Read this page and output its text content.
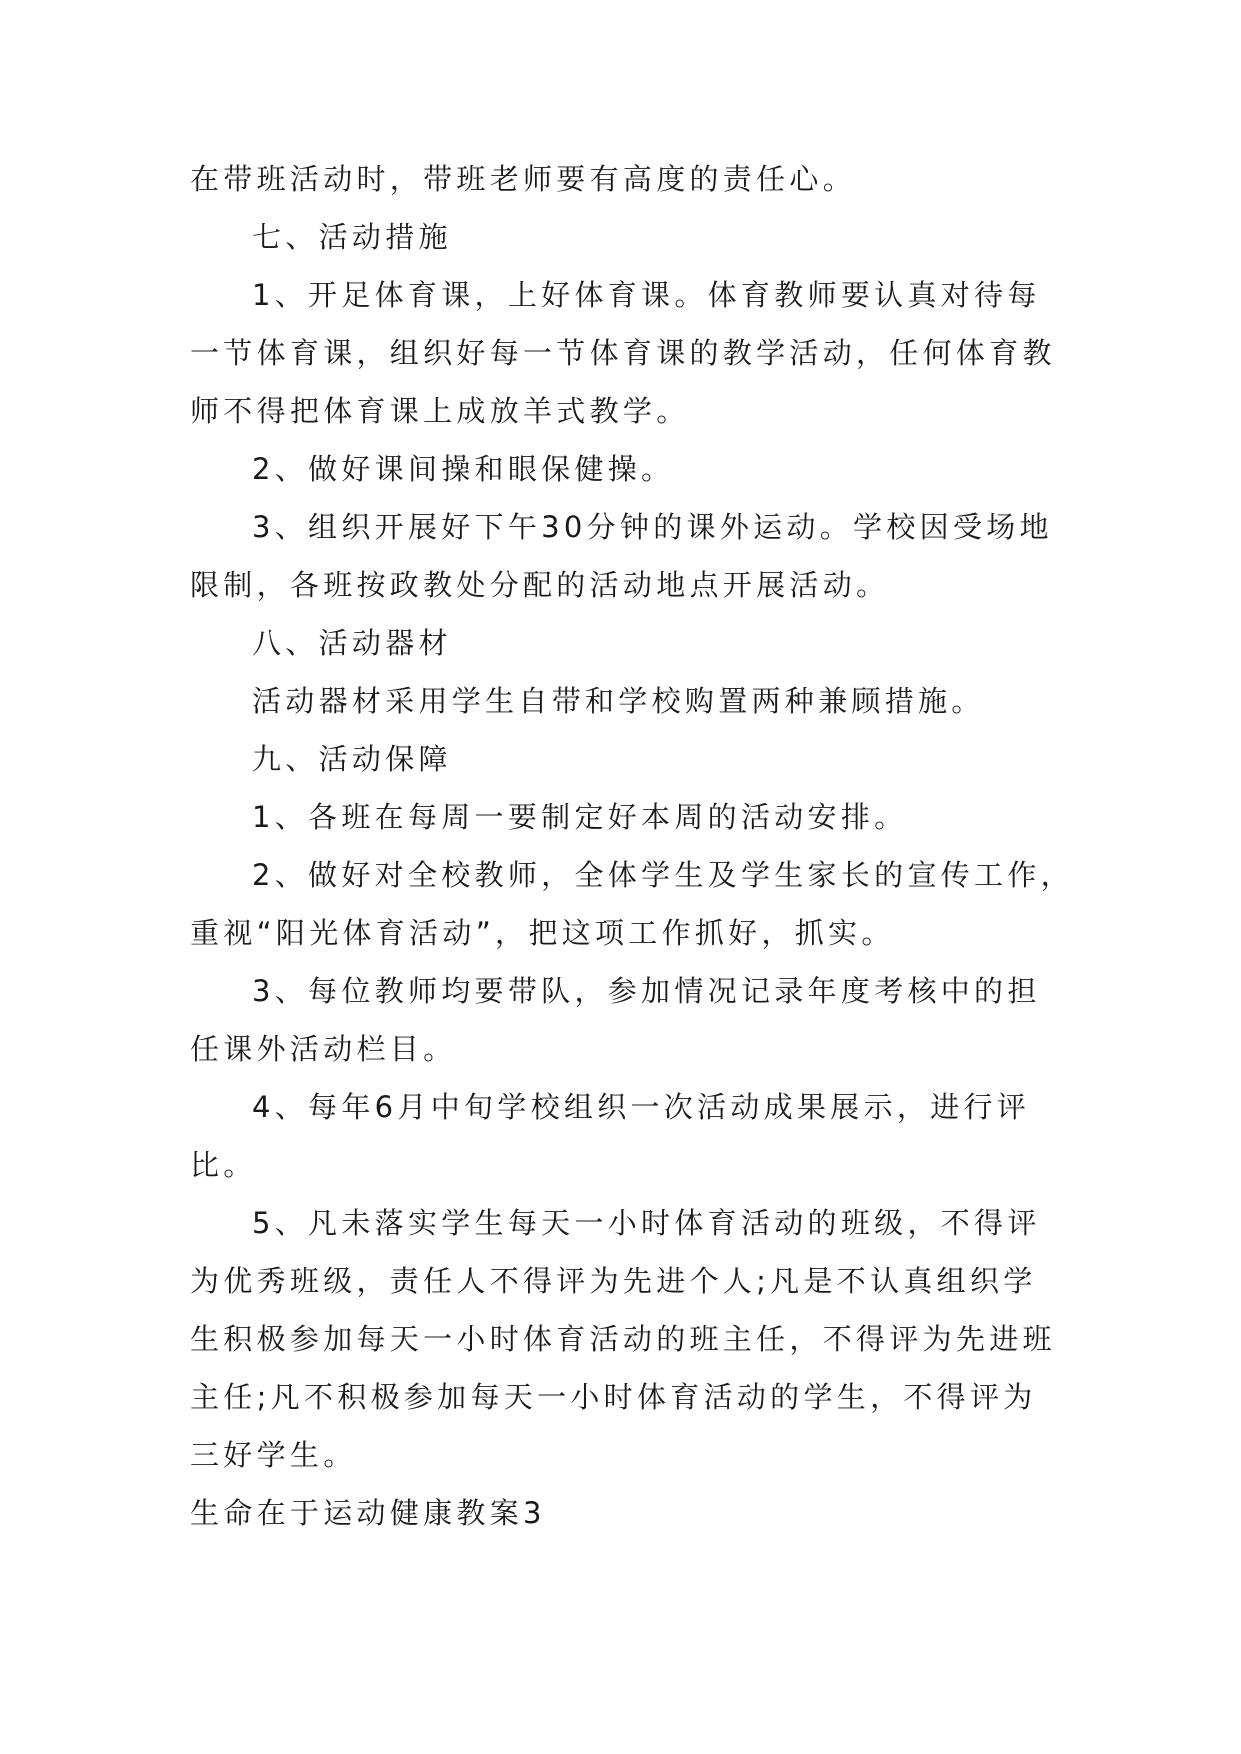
在带班活动时，带班老师要有高度的责任心。
七、活动措施
1、开足体育课，上好体育课。体育教师要认真对待每
一节体育课，组织好每一节体育课的教学活动，任何体育教
师不得把体育课上成放羊式教学。
2、做好课间操和眼保健操。
3、组织开展好下午30分钟的课外运动。学校因受场地
限制，各班按政教处分配的活动地点开展活动。
八、活动器材
活动器材采用学生自带和学校购置两种兼顾措施。
九、活动保障
1、各班在每周一要制定好本周的活动安排。
2、做好对全校教师，全体学生及学生家长的宣传工作，
重视“阳光体育活动”，把这项工作抓好，抓实。
3、每位教师均要带队，参加情况记录年度考核中的担
任课外活动栏目。
4、每年6月中旬学校组织一次活动成果展示，进行评
比。
5、凡未落实学生每天一小时体育活动的班级，不得评
为优秀班级，责任人不得评为先进个人;凡是不认真组织学
生积极参加每天一小时体育活动的班主任，不得评为先进班
主任;凡不积极参加每天一小时体育活动的学生，不得评为
三好学生。
生命在于运动健康教案3
